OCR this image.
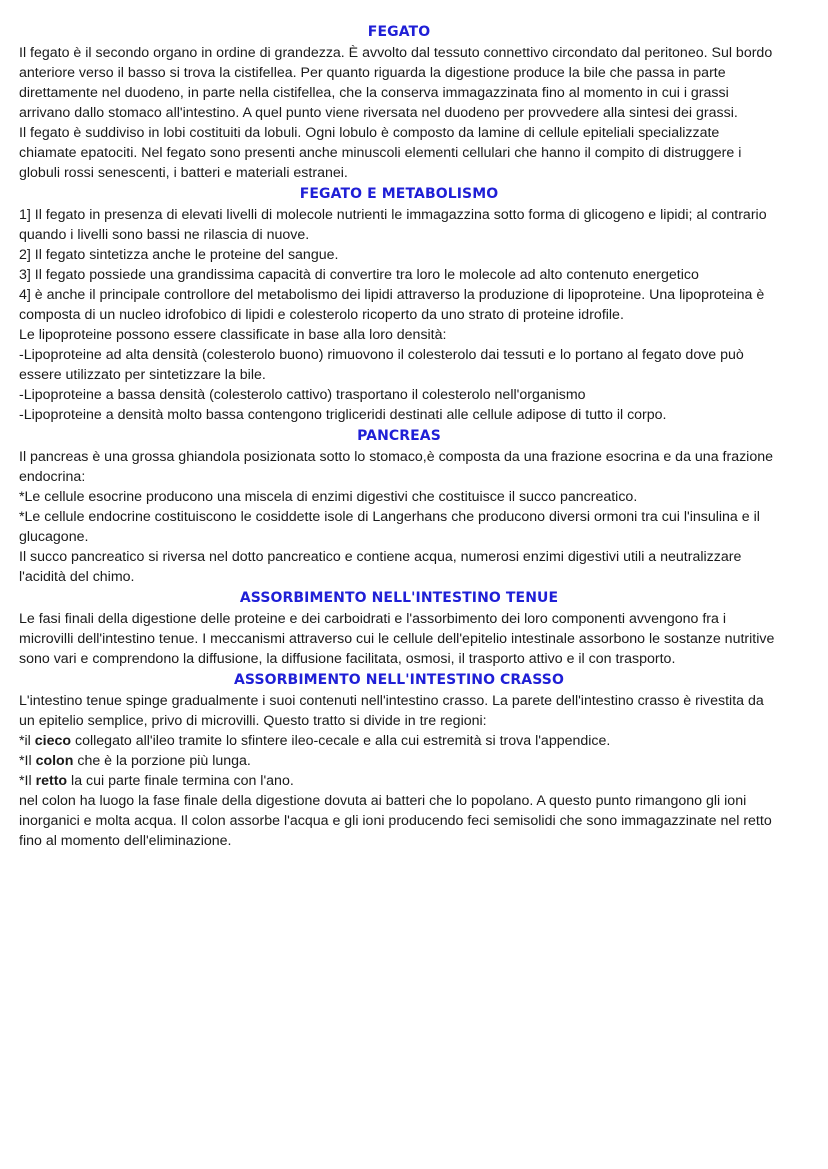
FEGATO

Il fegato è il secondo organo in ordine di grandezza. È avvolto dal tessuto connettivo circondato dal peritoneo. Sul bordo anteriore verso il basso si trova la cistifellea. Per quanto riguarda la digestione produce la bile che passa in parte direttamente nel duodeno, in parte nella cistifellea, che la conserva immagazzinata fino al momento in cui i grassi arrivano dallo stomaco all'intestino. A quel punto viene riversata nel duodeno per provvedere alla sintesi dei grassi.

Il fegato è suddiviso in lobi costituiti da lobuli. Ogni lobulo è composto da lamine di cellule epiteliali specializzate chiamate epatociti. Nel fegato sono presenti anche minuscoli elementi cellulari che hanno il compito di distruggere i globuli rossi senescenti, i batteri e materiali estranei.

FEGATO E METABOLISMO

1] Il fegato in presenza di elevati livelli di molecole nutrienti le immagazzina sotto forma di glicogeno e lipidi; al contrario quando i livelli sono bassi ne rilascia di nuove.

2] Il fegato sintetizza anche le proteine del sangue.

3] Il fegato possiede una grandissima capacità di convertire tra loro le molecole ad alto contenuto energetico

4] è anche il principale controllore del metabolismo dei lipidi attraverso la produzione di lipoproteine. Una lipoproteina è composta di un nucleo idrofobico di lipidi e colesterolo ricoperto da uno strato di proteine idrofile.

Le lipoproteine possono essere classificate in base alla loro densità:

-Lipoproteine ad alta densità (colesterolo buono) rimuovono il colesterolo dai tessuti e lo portano al fegato dove può essere utilizzato per sintetizzare la bile.

-Lipoproteine a bassa densità (colesterolo cattivo) trasportano il colesterolo nell'organismo

-Lipoproteine a densità molto bassa contengono trigliceridi destinati alle cellule adipose di tutto il corpo.

PANCREAS

Il pancreas è una grossa ghiandola posizionata sotto lo stomaco,è composta da una frazione esocrina e da una frazione endocrina:

*Le cellule esocrine producono una miscela di enzimi digestivi che costituisce il succo pancreatico.

*Le cellule endocrine costituiscono le cosiddette isole di Langerhans che producono diversi ormoni tra cui l'insulina e il glucagone.

Il succo pancreatico si riversa nel dotto pancreatico e contiene acqua, numerosi enzimi digestivi utili a neutralizzare l'acidità del chimo.

ASSORBIMENTO NELL'INTESTINO TENUE

Le fasi finali della digestione delle proteine e dei carboidrati e l'assorbimento dei loro componenti avvengono fra i microvilli dell'intestino tenue. I meccanismi attraverso cui le cellule dell'epitelio intestinale assorbono le sostanze nutritive sono vari e comprendono la diffusione, la diffusione facilitata, osmosi, il trasporto attivo e il con trasporto.

ASSORBIMENTO NELL'INTESTINO CRASSO

L'intestino tenue spinge gradualmente i suoi contenuti nell'intestino crasso. La parete dell'intestino crasso è rivestita da un epitelio semplice, privo di microvilli. Questo tratto si divide in tre regioni:

*il cieco collegato all'ileo tramite lo sfintere ileo-cecale e alla cui estremità si trova l'appendice.

*Il colon che è la porzione più lunga.

*Il retto la cui parte finale termina con l'ano.

nel colon ha luogo la fase finale della digestione dovuta ai batteri che lo popolano. A questo punto rimangono gli ioni inorganici e molta acqua. Il colon assorbe l'acqua e gli ioni producendo feci semisolidi che sono immagazzinate nel retto fino al momento dell'eliminazione.
